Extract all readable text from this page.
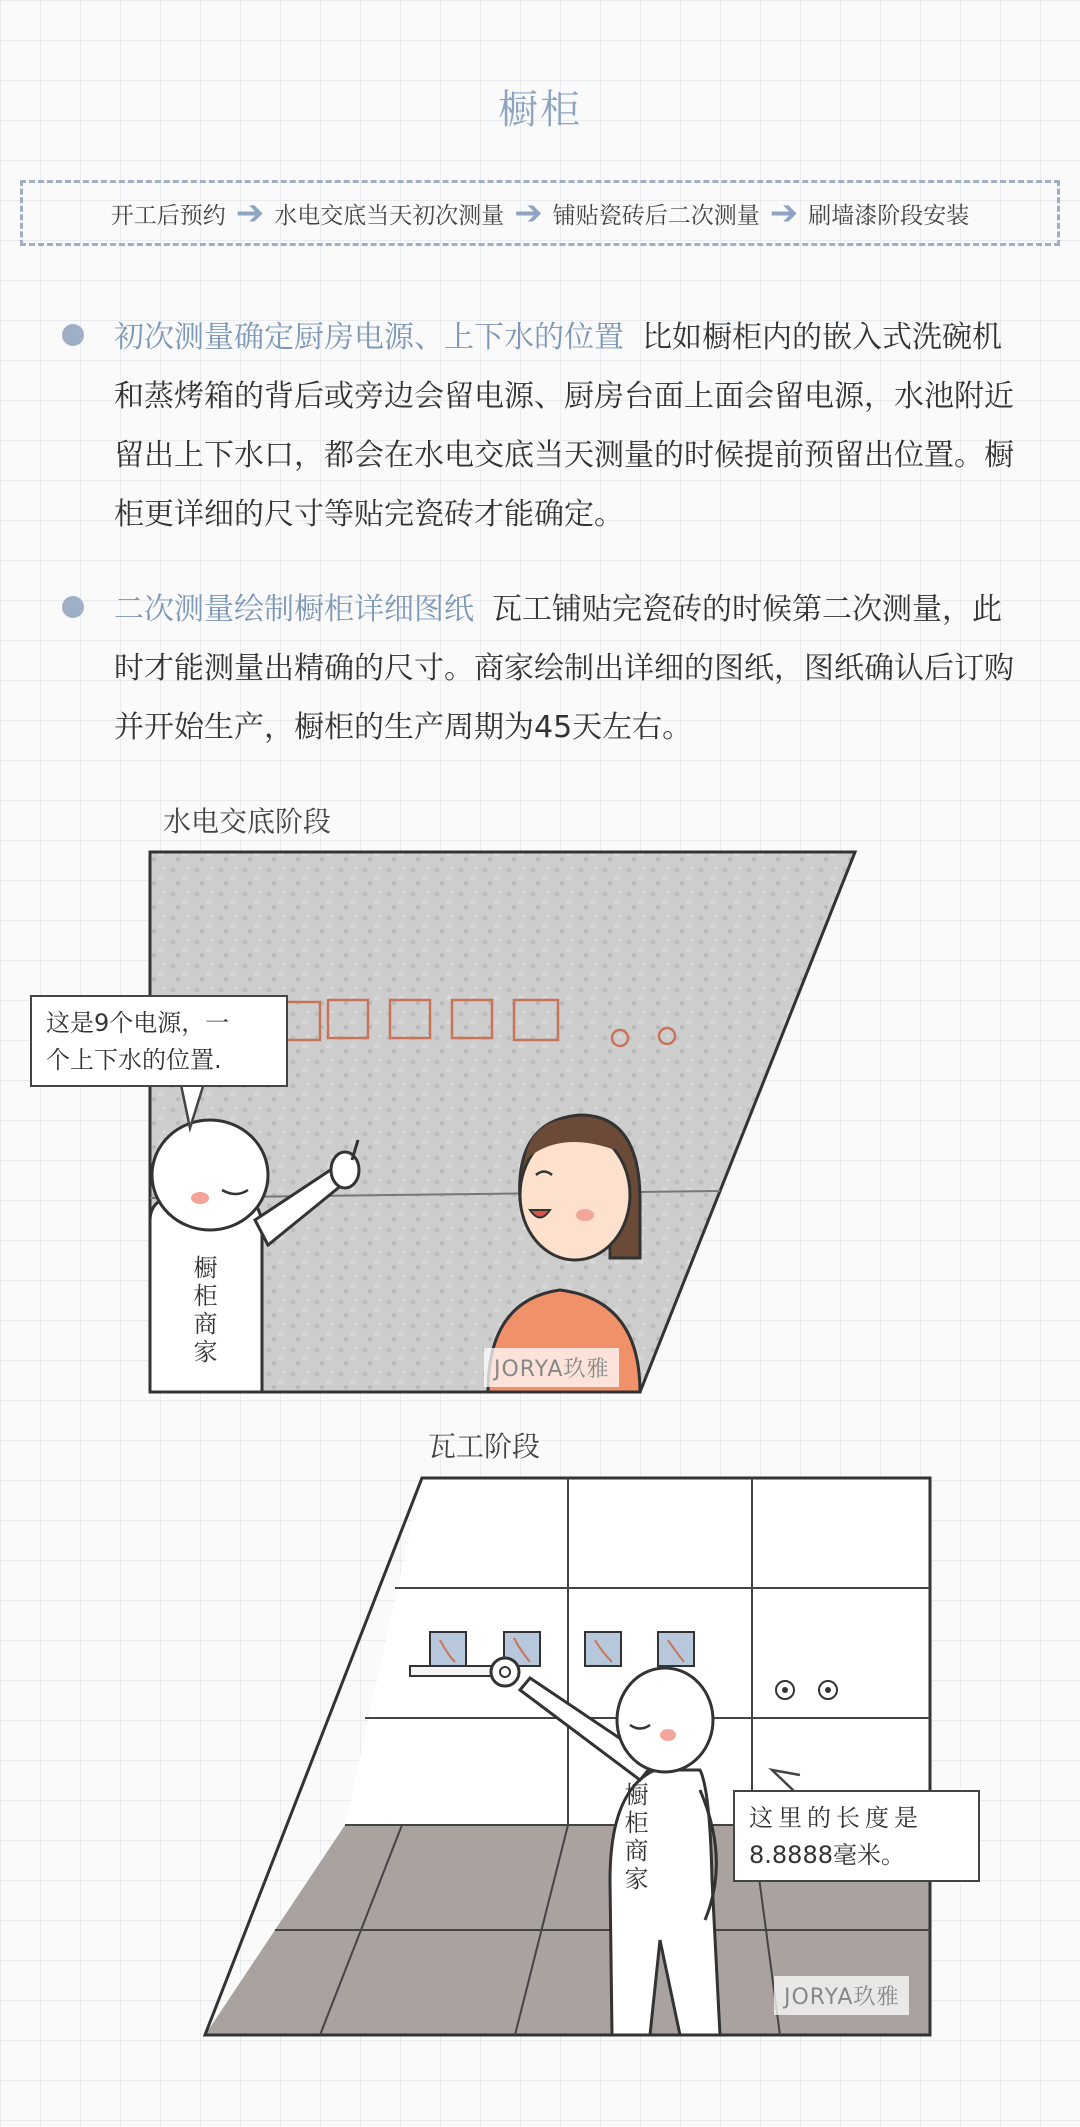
橱柜
开工后预约 ➔ 水电交底当天初次测量 ➔ 铺贴瓷砖后二次测量 ➔ 刷墙漆阶段安装
初次测量确定厨房电源、上下水的位置 比如橱柜内的嵌入式洗碗机和蒸烤箱的背后或旁边会留电源、厨房台面上面会留电源，水池附近留出上下水口，都会在水电交底当天测量的时候提前预留出位置。橱柜更详细的尺寸等贴完瓷砖才能确定。
二次测量绘制橱柜详细图纸 瓦工铺贴完瓷砖的时候第二次测量，此时才能测量出精确的尺寸。商家绘制出详细的图纸，图纸确认后订购并开始生产，橱柜的生产周期为45天左右。
水电交底阶段
这是9个电源，一
个上下水的位置.
橱柜商家
JORYA玖雅
瓦工阶段
这里的长度是
8.8888毫米。
橱柜商家
JORYA玖雅
